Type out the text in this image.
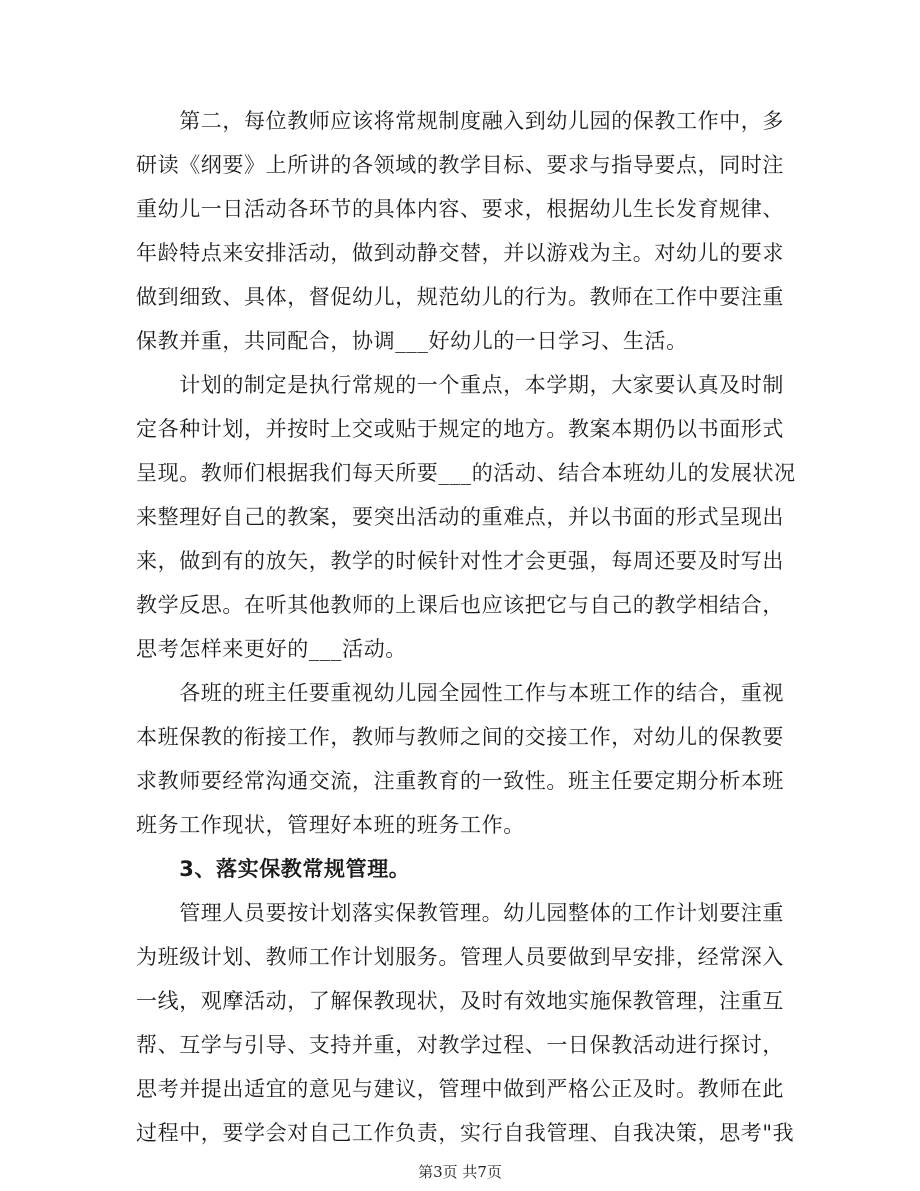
　　第二，每位教师应该将常规制度融入到幼儿园的保教工作中，多
研读《纲要》上所讲的各领域的教学目标、要求与指导要点，同时注
重幼儿一日活动各环节的具体内容、要求，根据幼儿生长发育规律、
年龄特点来安排活动，做到动静交替，并以游戏为主。对幼儿的要求
做到细致、具体，督促幼儿，规范幼儿的行为。教师在工作中要注重
保教并重，共同配合，协调___好幼儿的一日学习、生活。
　　计划的制定是执行常规的一个重点，本学期，大家要认真及时制
定各种计划，并按时上交或贴于规定的地方。教案本期仍以书面形式
呈现。教师们根据我们每天所要___的活动、结合本班幼儿的发展状况
来整理好自己的教案，要突出活动的重难点，并以书面的形式呈现出
来，做到有的放矢，教学的时候针对性才会更强，每周还要及时写出
教学反思。在听其他教师的上课后也应该把它与自己的教学相结合，
思考怎样来更好的___活动。
　　各班的班主任要重视幼儿园全园性工作与本班工作的结合，重视
本班保教的衔接工作，教师与教师之间的交接工作，对幼儿的保教要
求教师要经常沟通交流，注重教育的一致性。班主任要定期分析本班
班务工作现状，管理好本班的班务工作。
　　3、落实保教常规管理。
　　管理人员要按计划落实保教管理。幼儿园整体的工作计划要注重
为班级计划、教师工作计划服务。管理人员要做到早安排，经常深入
一线，观摩活动，了解保教现状，及时有效地实施保教管理，注重互
帮、互学与引导、支持并重，对教学过程、一日保教活动进行探讨，
思考并提出适宜的意见与建议，管理中做到严格公正及时。教师在此
过程中，要学会对自己工作负责，实行自我管理、自我决策，思考"我
第3页 共7页
